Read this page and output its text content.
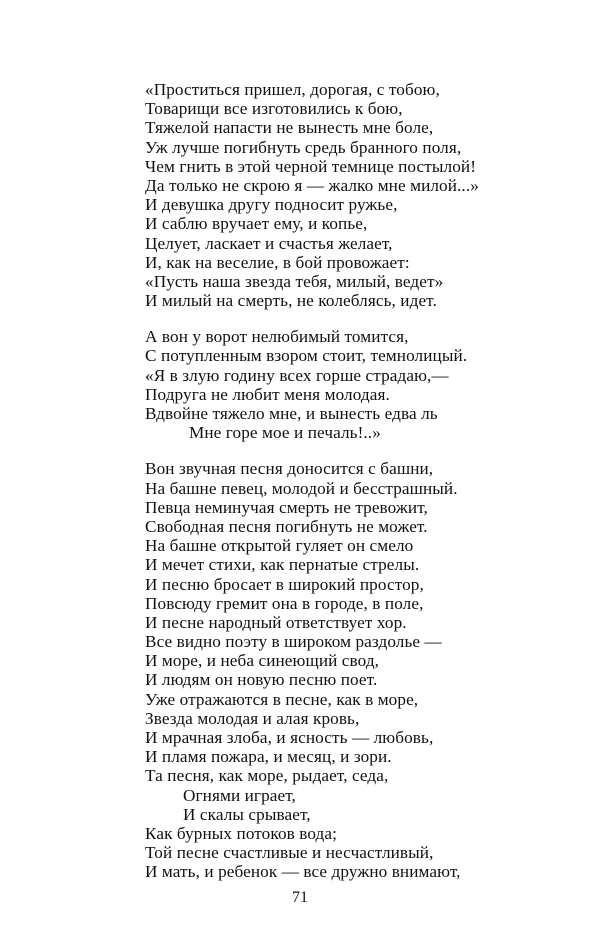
«Проститься пришел, дорогая, с тобою,
Товарищи все изготовились к бою,
Тяжелой напасти не вынесть мне боле,
Уж лучше погибнуть средь бранного поля,
Чем гнить в этой черной темнице постылой!
Да только не скрою я — жалко мне милой...»
И девушка другу подносит ружье,
И саблю вручает ему, и копье,
Целует, ласкает и счастья желает,
И, как на веселие, в бой провожает:
«Пусть наша звезда тебя, милый, ведет»
И милый на смерть, не колеблясь, идет.
А вон у ворот нелюбимый томится,
С потупленным взором стоит, темнолицый.
«Я в злую годину всех горше страдаю,—
Подруга не любит меня молодая.
Вдвойне тяжело мне, и вынесть едва ль
Мне горе мое и печаль!..»
Вон звучная песня доносится с башни,
На башне певец, молодой и бесстрашный.
Певца неминучая смерть не тревожит,
Свободная песня погибнуть не может.
На башне открытой гуляет он смело
И мечет стихи, как пернатые стрелы.
И песню бросает в широкий простор,
Повсюду гремит она в городе, в поле,
И песне народный ответствует хор.
Все видно поэту в широком раздолье —
И море, и неба синеющий свод,
И людям он новую песню поет.
Уже отражаются в песне, как в море,
Звезда молодая и алая кровь,
И мрачная злоба, и ясность — любовь,
И пламя пожара, и месяц, и зори.
Та песня, как море, рыдает, седа,
Огнями играет,
И скалы срывает,
Как бурных потоков вода;
Той песне счастливые и несчастливый,
И мать, и ребенок — все дружно внимают,
71
